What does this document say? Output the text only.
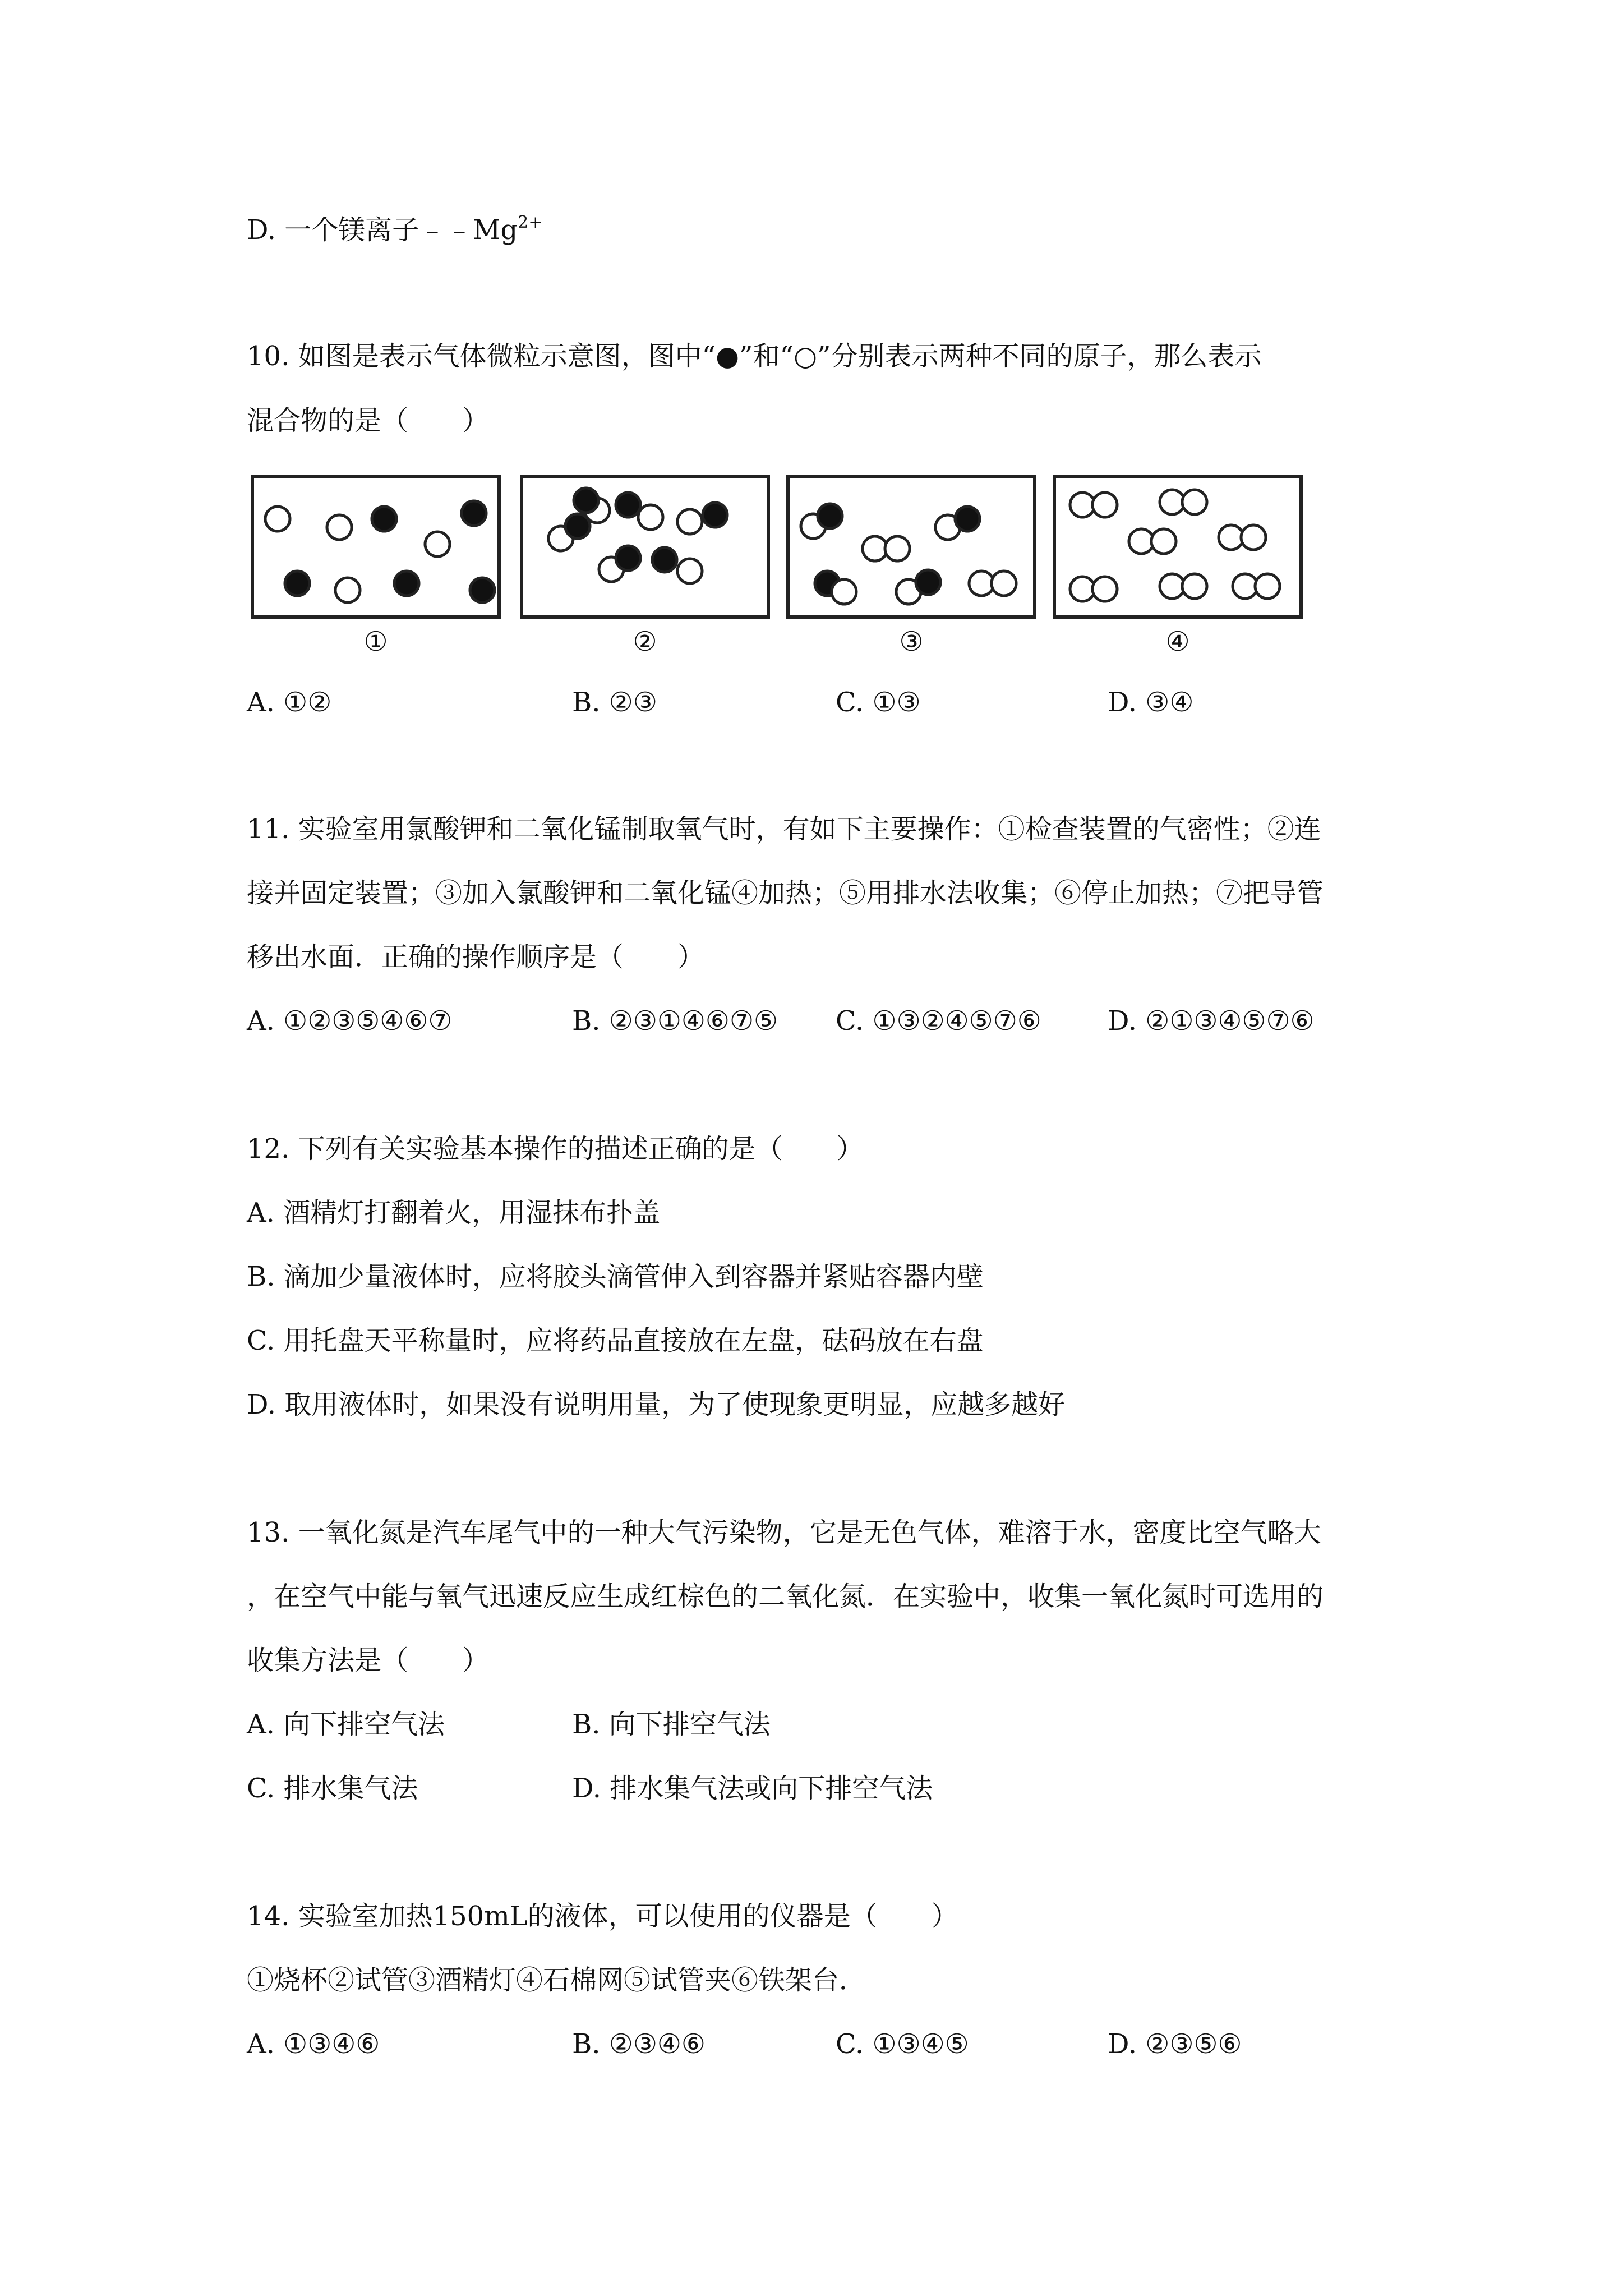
D. 一个镁离子$﹣﹣Mg^{2+}$
10. 如图是表示气体微粒示意图，图中“●”和“○”分别表示两种不同的原子，那么表示
混合物的是（　　）
①	②	③	④
A. ①②	B. ②③	C. ①③	D. ③④
11. 实验室用氯酸钾和二氧化锰制取氧气时，有如下主要操作：①检查装置的气密性；②连
接并固定装置；③加入氯酸钾和二氧化锰④加热；⑤用排水法收集；⑥停止加热；⑦把导管
移出水面．正确的操作顺序是（　　）
A. ①②③⑤④⑥⑦	B. ②③①④⑥⑦⑤ C. ①③②④⑤⑦⑥ D. ②①③④⑤⑦⑥
12. 下列有关实验基本操作的描述正确的是（　　）
A. 酒精灯打翻着火，用湿抹布扑盖
B. 滴加少量液体时，应将胶头滴管伸入到容器并紧贴容器内壁
C. 用托盘天平称量时，应将药品直接放在左盘，砝码放在右盘
D. 取用液体时，如果没有说明用量，为了使现象更明显，应越多越好
13. 一氧化氮是汽车尾气中的一种大气污染物，它是无色气体，难溶于水，密度比空气略大
，在空气中能与氧气迅速反应生成红棕色的二氧化氮．在实验中，收集一氧化氮时可选用的
收集方法是（　　）
A. 向下排空气法	B. 向下排空气法
C. 排水集气法	D. 排水集气法或向下排空气法
14. 实验室加热150mL的液体，可以使用的仪器是（　　）
①烧杯②试管③酒精灯④石棉网⑤试管夹⑥铁架台．
A. ①③④⑥	B. ②③④⑥	C. ①③④⑤	D. ②③⑤⑥
